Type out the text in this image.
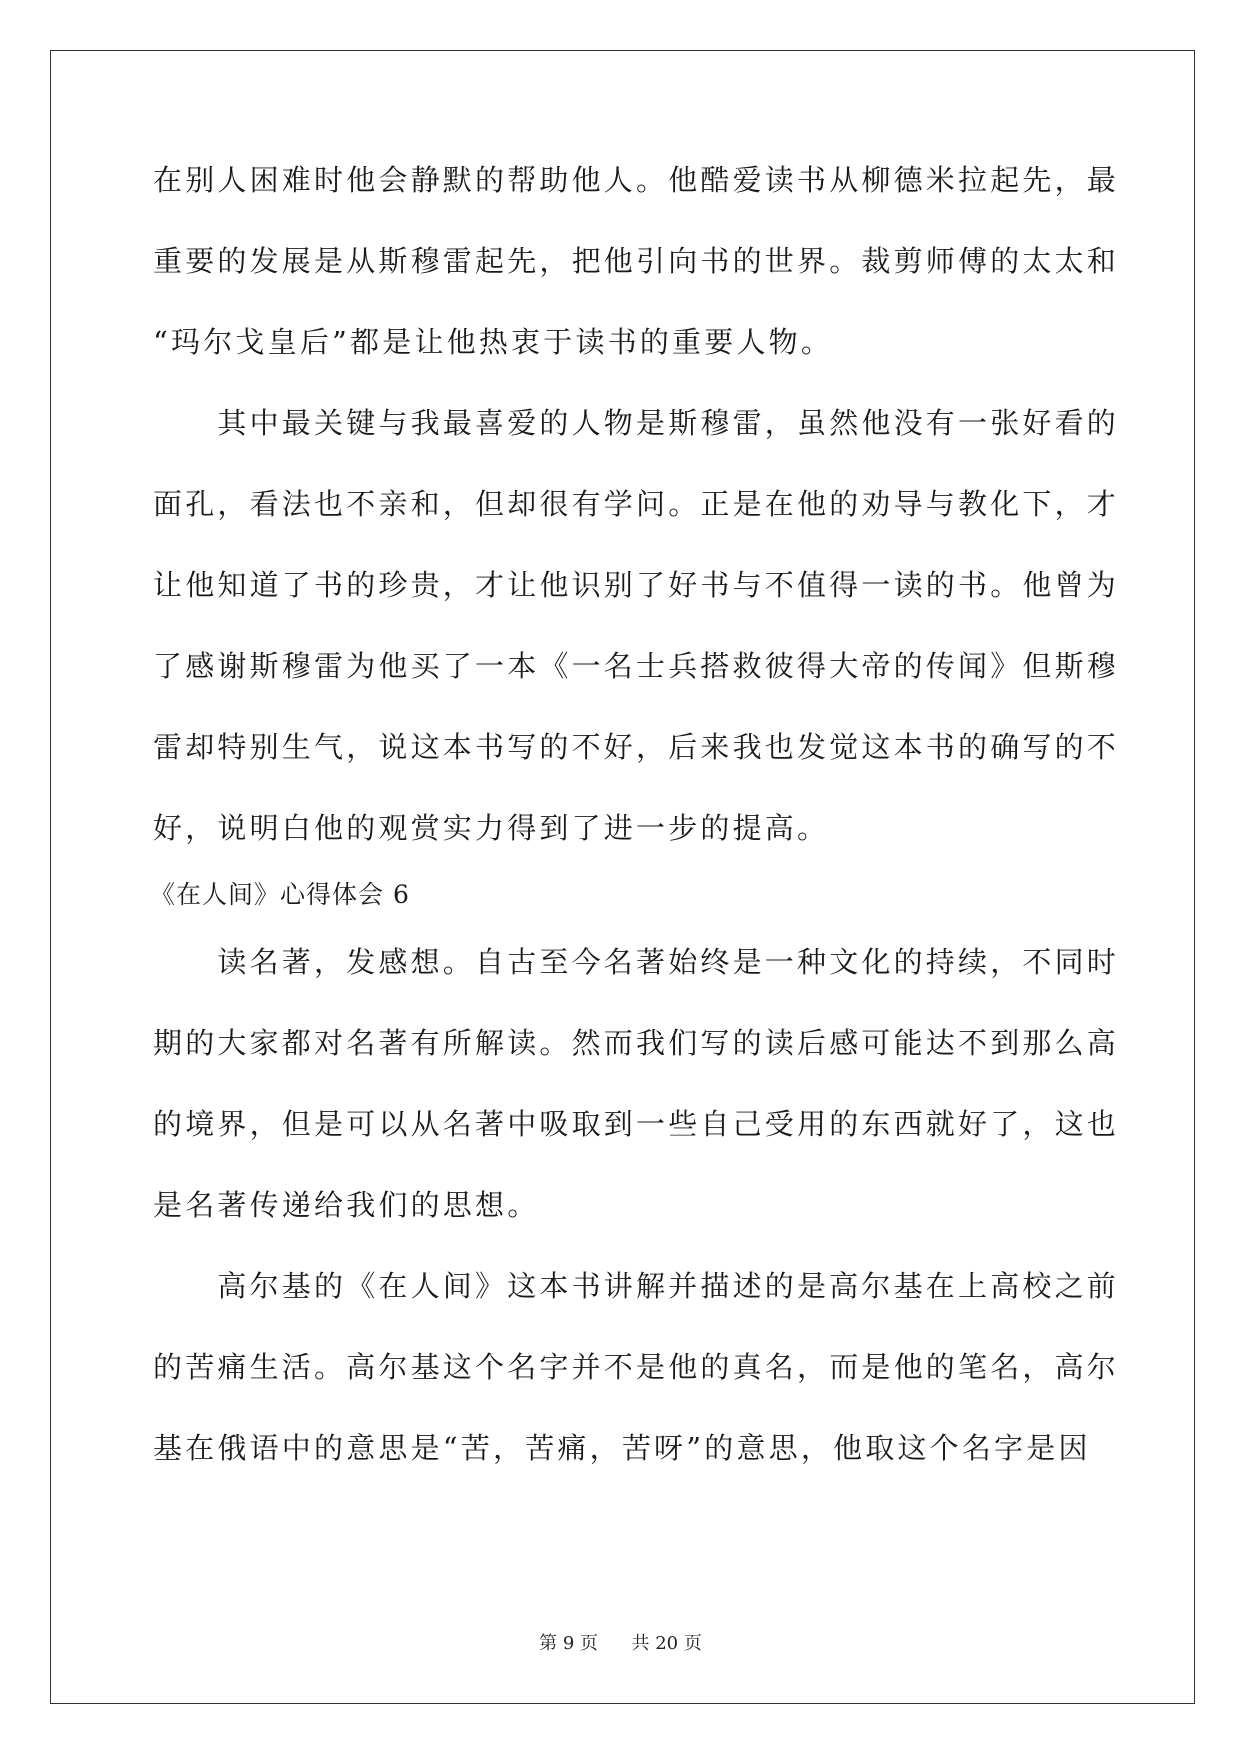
在别人困难时他会静默的帮助他人。他酷爱读书从柳德米拉起先，最
重要的发展是从斯穆雷起先，把他引向书的世界。裁剪师傅的太太和
“玛尔戈皇后”都是让他热衷于读书的重要人物。
　　其中最关键与我最喜爱的人物是斯穆雷，虽然他没有一张好看的
面孔，看法也不亲和，但却很有学问。正是在他的劝导与教化下，才
让他知道了书的珍贵，才让他识别了好书与不值得一读的书。他曾为
了感谢斯穆雷为他买了一本《一名士兵搭救彼得大帝的传闻》但斯穆
雷却特别生气，说这本书写的不好，后来我也发觉这本书的确写的不
好，说明白他的观赏实力得到了进一步的提高。
《在人间》心得体会 6
　　读名著，发感想。自古至今名著始终是一种文化的持续，不同时
期的大家都对名著有所解读。然而我们写的读后感可能达不到那么高
的境界，但是可以从名著中吸取到一些自己受用的东西就好了，这也
是名著传递给我们的思想。
　　高尔基的《在人间》这本书讲解并描述的是高尔基在上高校之前
的苦痛生活。高尔基这个名字并不是他的真名，而是他的笔名，高尔
基在俄语中的意思是“苦，苦痛，苦呀”的意思，他取这个名字是因
第 9 页 共 20 页
